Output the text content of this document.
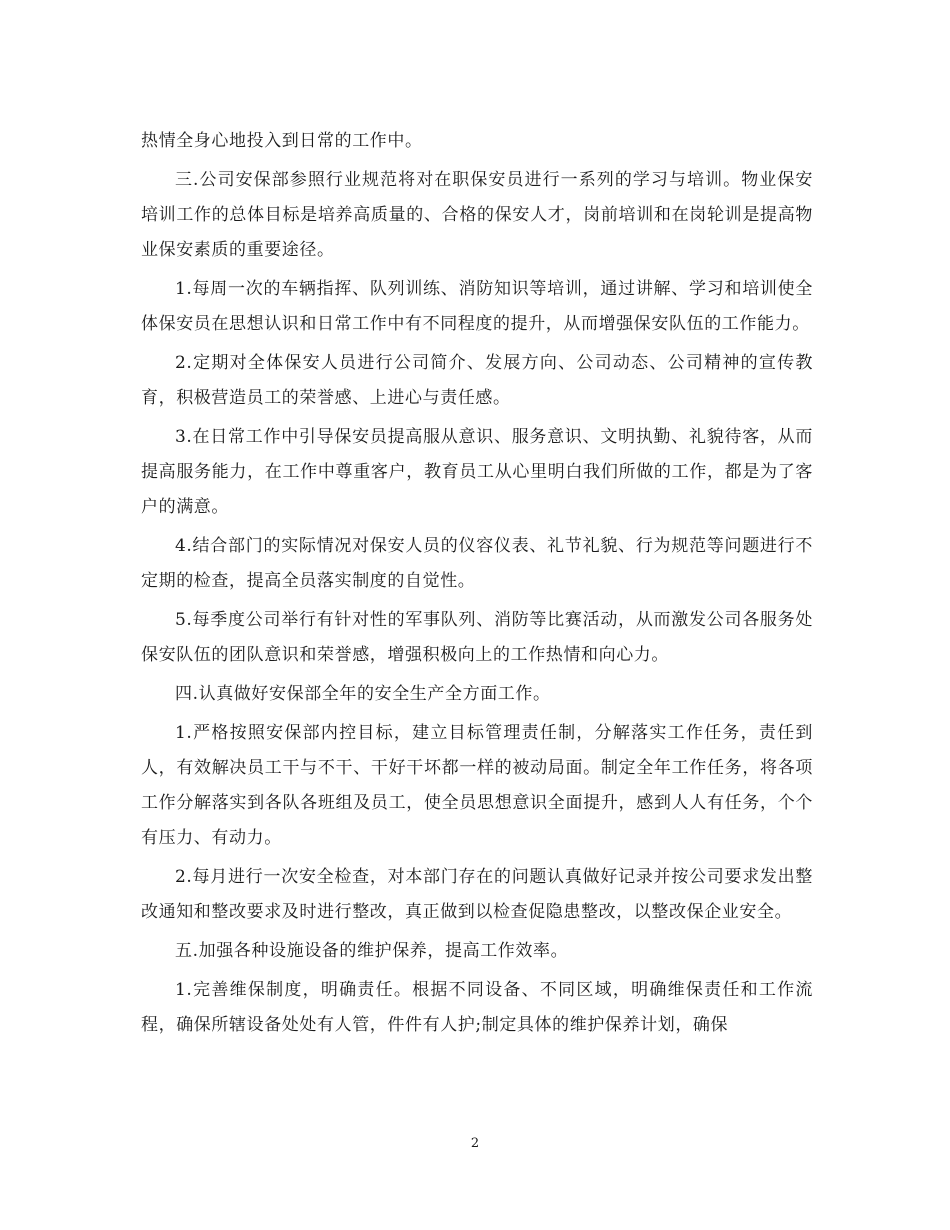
热情全身心地投入到日常的工作中。

三.公司安保部参照行业规范将对在职保安员进行一系列的学习与培训。物业保安培训工作的总体目标是培养高质量的、合格的保安人才，岗前培训和在岗轮训是提高物业保安素质的重要途径。

1.每周一次的车辆指挥、队列训练、消防知识等培训，通过讲解、学习和培训使全体保安员在思想认识和日常工作中有不同程度的提升，从而增强保安队伍的工作能力。

2.定期对全体保安人员进行公司简介、发展方向、公司动态、公司精神的宣传教育，积极营造员工的荣誉感、上进心与责任感。

3.在日常工作中引导保安员提高服从意识、服务意识、文明执勤、礼貌待客，从而提高服务能力，在工作中尊重客户，教育员工从心里明白我们所做的工作，都是为了客户的满意。

4.结合部门的实际情况对保安人员的仪容仪表、礼节礼貌、行为规范等问题进行不定期的检查，提高全员落实制度的自觉性。

5.每季度公司举行有针对性的军事队列、消防等比赛活动，从而激发公司各服务处保安队伍的团队意识和荣誉感，增强积极向上的工作热情和向心力。

四.认真做好安保部全年的安全生产全方面工作。

1.严格按照安保部内控目标，建立目标管理责任制，分解落实工作任务，责任到人，有效解决员工干与不干、干好干坏都一样的被动局面。制定全年工作任务，将各项工作分解落实到各队各班组及员工，使全员思想意识全面提升，感到人人有任务，个个有压力、有动力。

2.每月进行一次安全检查，对本部门存在的问题认真做好记录并按公司要求发出整改通知和整改要求及时进行整改，真正做到以检查促隐患整改，以整改保企业安全。

五.加强各种设施设备的维护保养，提高工作效率。

1.完善维保制度，明确责任。根据不同设备、不同区域，明确维保责任和工作流程，确保所辖设备处处有人管，件件有人护;制定具体的维护保养计划，确保

2
